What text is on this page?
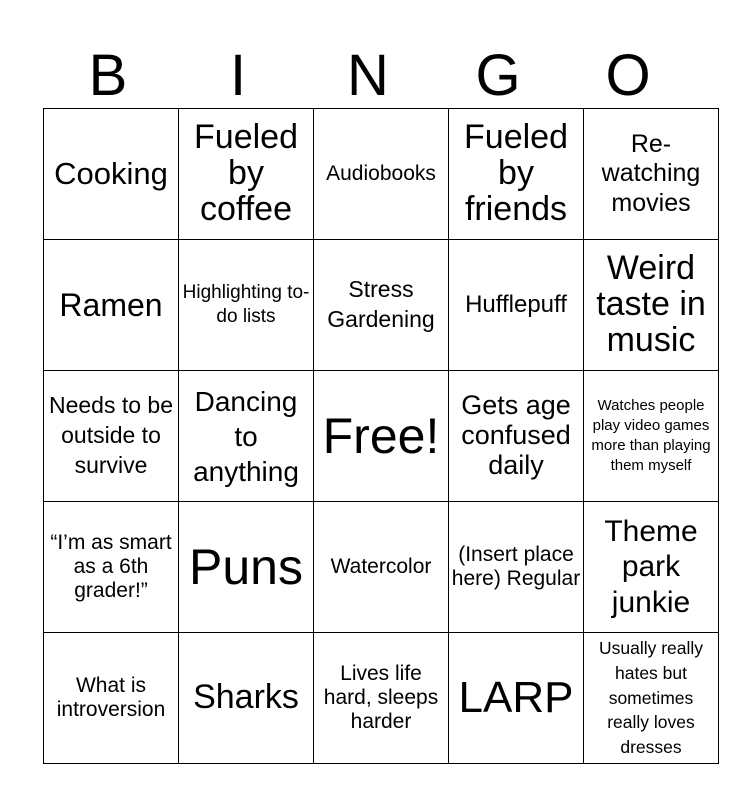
B	I	N	G	O
Cooking	Fueled by coffee	Audiobooks	Fueled by friends	Re-watching movies
Ramen	Highlighting to-do lists	Stress Gardening	Hufflepuff	Weird taste in music
Needs to be outside to survive	Dancing to anything	Free!	Gets age confused daily	Watches people play video games more than playing them myself
“I’m as smart as a 6th grader!”	Puns	Watercolor	(Insert place here) Regular	Theme park junkie
What is introversion	Sharks	Lives life hard, sleeps harder	LARP	Usually really hates but sometimes really loves dresses
